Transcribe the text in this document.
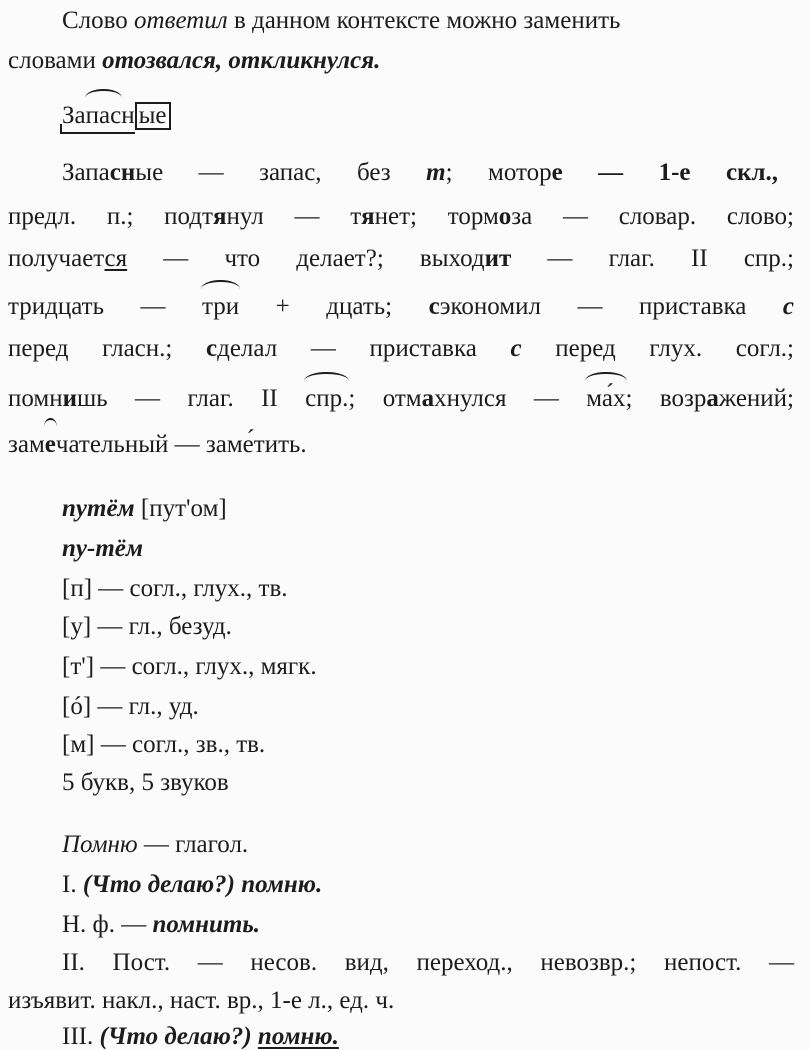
Слово ответил в данном контексте можно заменить
словами отозвался, откликнулся.
Запасн ые
Запасные — запас, без т; моторе — 1-е скл.,
предл. п.; подтянул — тянет; тормоза — словар. слово;
получается — что делает?; выходит — глаг. II спр.;
тридцать — три + дцать; сэкономил — приставка с
перед гласн.; сделал — приставка с перед глух. согл.;
помнишь — глаг. II спр.; отмахнулся — ма́х; возражений;
замечательный — заме́тить.
путём [пут'ом]
пу-тём
[п] — согл., глух., тв.
[у] — гл., безуд.
[т'] — согл., глух., мягк.
[ó] — гл., уд.
[м] — согл., зв., тв.
5 букв, 5 звуков
Помню — глагол.
I. (Что делаю?) помню.
Н. ф. — помнить.
II. Пост. — несов. вид, переход., невозвр.; непост. —
изъявит. накл., наст. вр., 1-е л., ед. ч.
III. (Что делаю?) помню.
